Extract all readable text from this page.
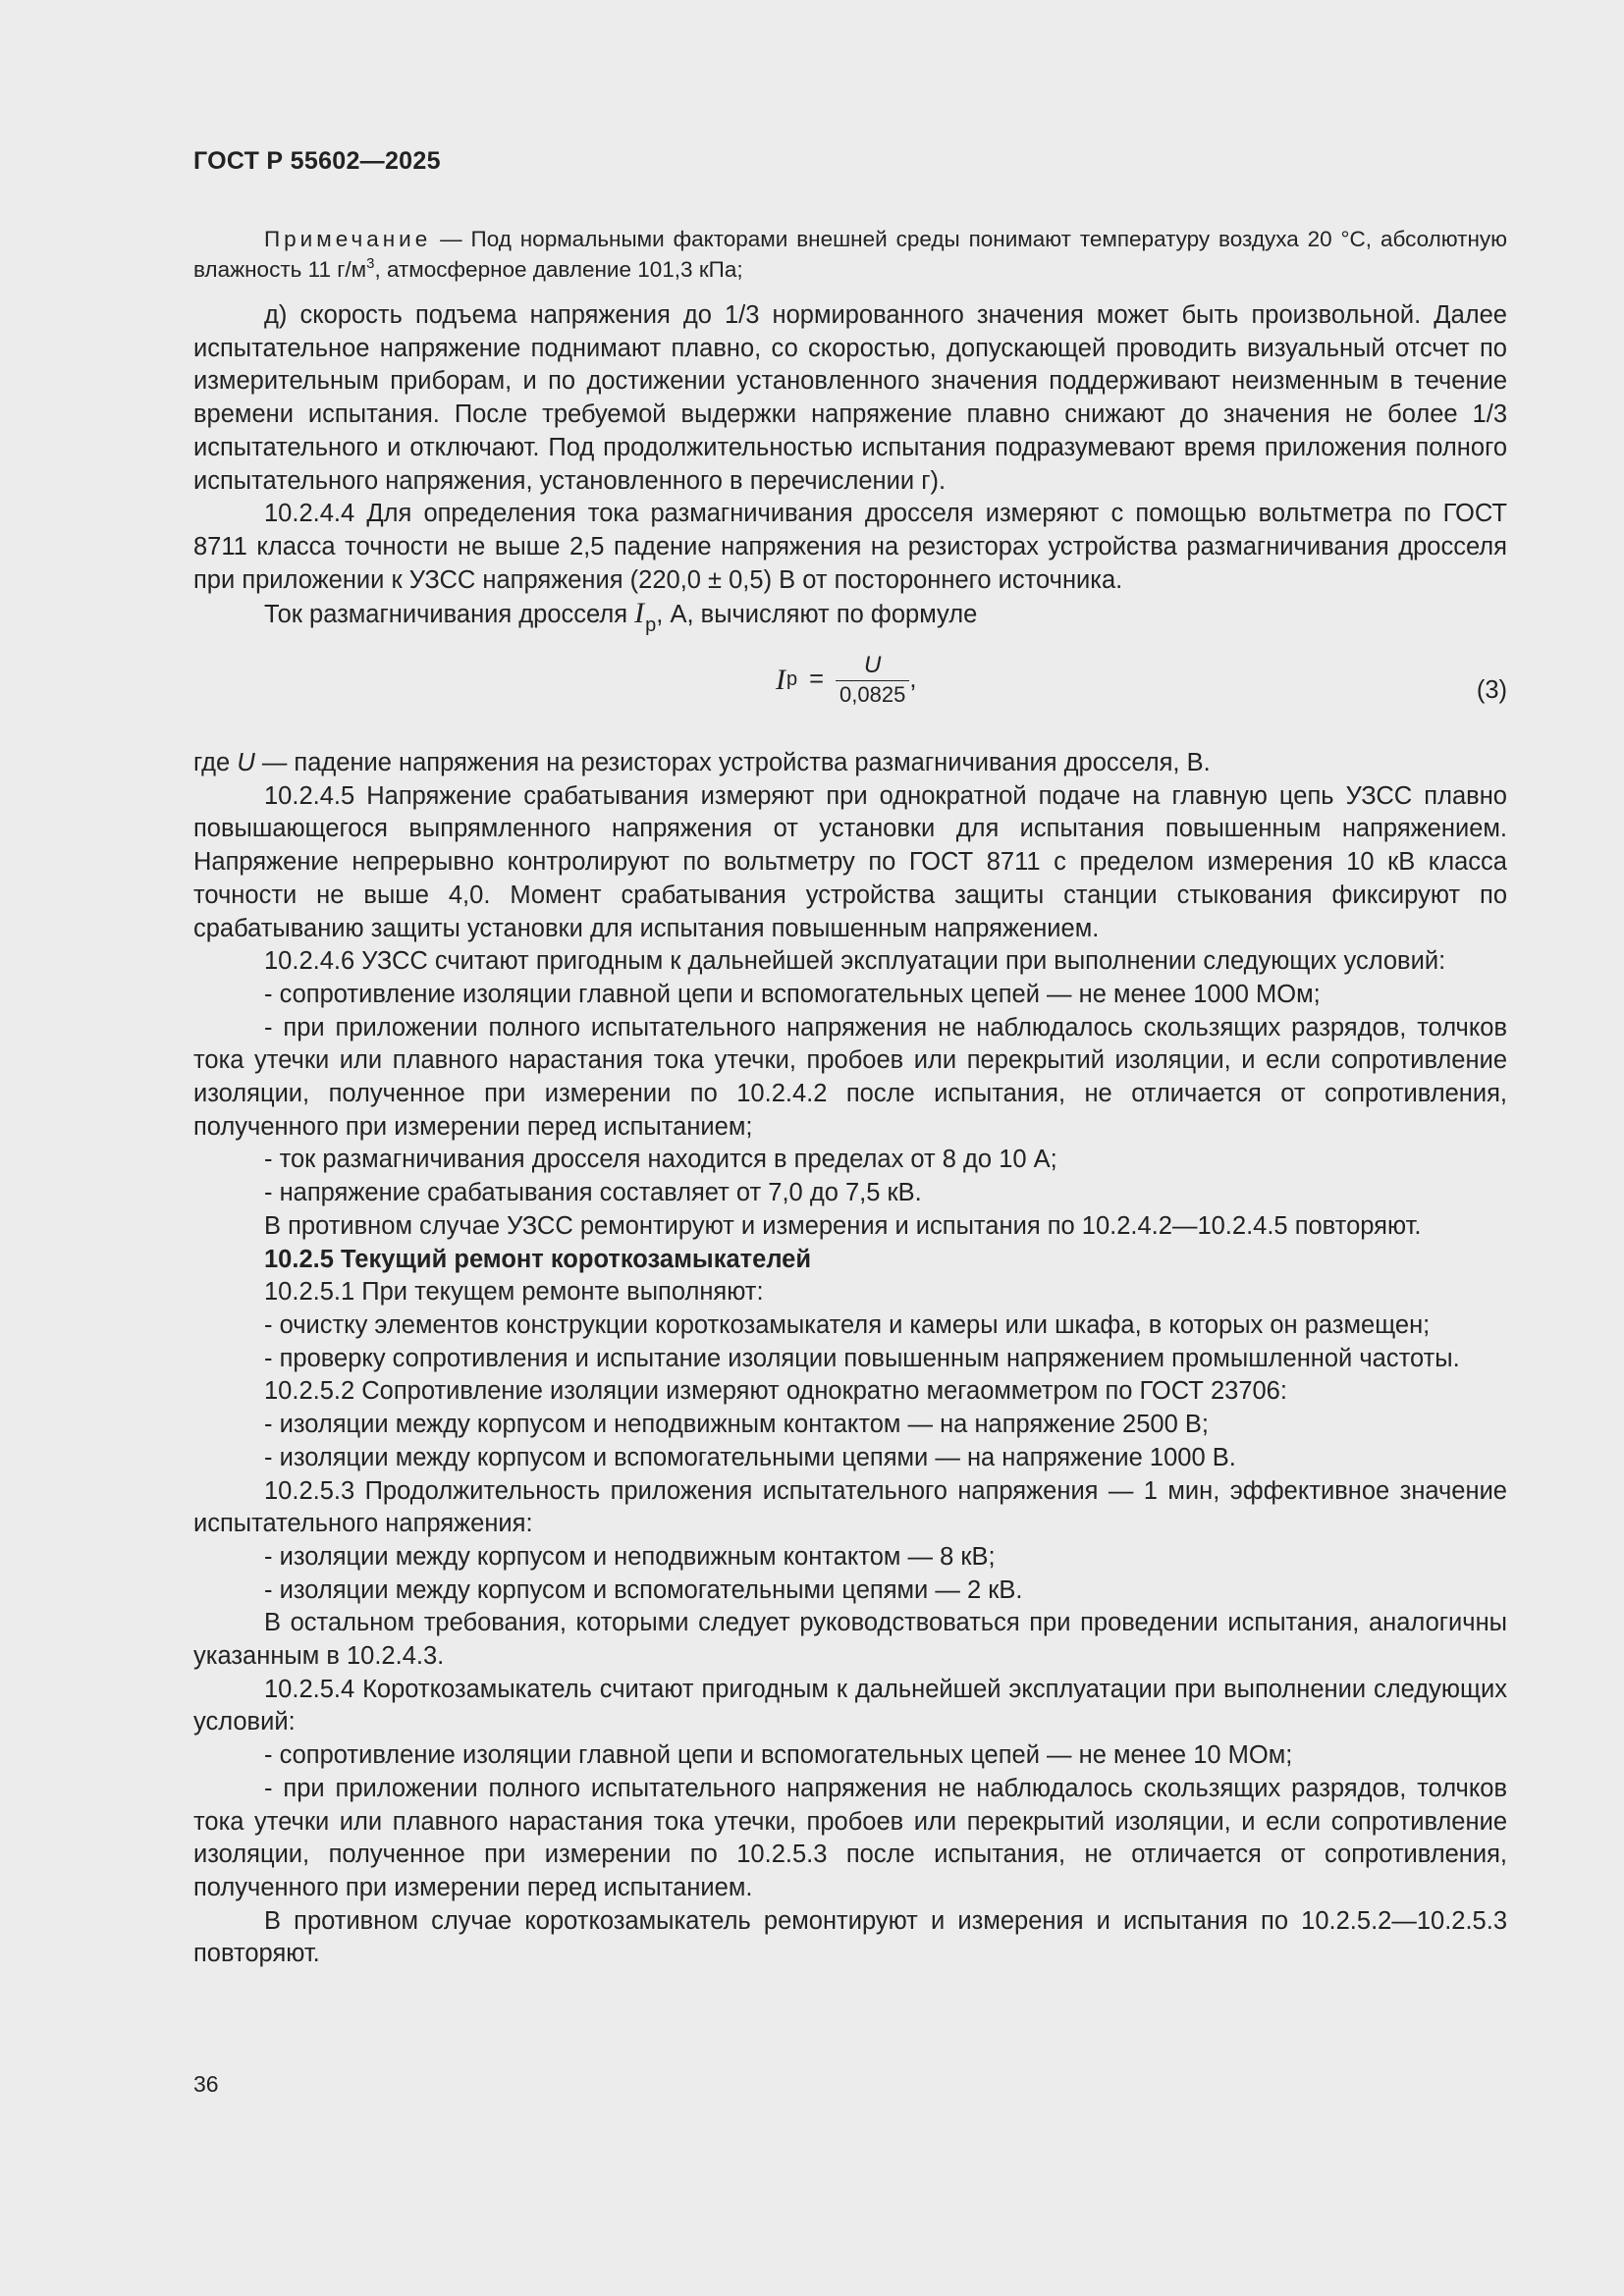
ГОСТ Р 55602—2025

Примечание — Под нормальными факторами внешней среды понимают температуру воздуха 20 °С, абсолютную влажность 11 $г/м^3$, атмосферное давление 101,3 кПа;

д) скорость подъема напряжения до 1/3 нормированного значения может быть произвольной. Далее испытательное напряжение поднимают плавно, со скоростью, допускающей проводить визуальный отсчет по измерительным приборам, и по достижении установленного значения поддерживают неизменным в течение времени испытания. После требуемой выдержки напряжение плавно снижают до значения не более 1/3 испытательного и отключают. Под продолжительностью испытания подразумевают время приложения полного испытательного напряжения, установленного в перечислении г).

10.2.4.4 Для определения тока размагничивания дросселя измеряют с помощью вольтметра по ГОСТ 8711 класса точности не выше 2,5 падение напряжения на резисторах устройства размагничивания дросселя при приложении к УЗСС напряжения (220,0 ± 0,5) В от постороннего источника.

Ток размагничивания дросселя $I_р$, А, вычисляют по формуле

I $р = \frac{U}{0,0825}$ ,	(3)

где U — падение напряжения на резисторах устройства размагничивания дросселя, В.

10.2.4.5 Напряжение срабатывания измеряют при однократной подаче на главную цепь УЗСС плавно повышающегося выпрямленного напряжения от установки для испытания повышенным напряжением. Напряжение непрерывно контролируют по вольтметру по ГОСТ 8711 с пределом измерения 10 кВ класса точности не выше 4,0. Момент срабатывания устройства защиты станции стыкования фиксируют по срабатыванию защиты установки для испытания повышенным напряжением.

10.2.4.6 УЗСС считают пригодным к дальнейшей эксплуатации при выполнении следующих условий:

- сопротивление изоляции главной цепи и вспомогательных цепей — не менее 1000 МОм;

- при приложении полного испытательного напряжения не наблюдалось скользящих разрядов, толчков тока утечки или плавного нарастания тока утечки, пробоев или перекрытий изоляции, и если сопротивление изоляции, полученное при измерении по 10.2.4.2 после испытания, не отличается от сопротивления, полученного при измерении перед испытанием;

- ток размагничивания дросселя находится в пределах от 8 до 10 А;

- напряжение срабатывания составляет от 7,0 до 7,5 кВ.

В противном случае УЗСС ремонтируют и измерения и испытания по 10.2.4.2—10.2.4.5 повторяют.

10.2.5 Текущий ремонт короткозамыкателей

10.2.5.1 При текущем ремонте выполняют:

- очистку элементов конструкции короткозамыкателя и камеры или шкафа, в которых он размещен;

- проверку сопротивления и испытание изоляции повышенным напряжением промышленной частоты.

10.2.5.2 Сопротивление изоляции измеряют однократно мегаомметром по ГОСТ 23706:

- изоляции между корпусом и неподвижным контактом — на напряжение 2500 В;

- изоляции между корпусом и вспомогательными цепями — на напряжение 1000 В.

10.2.5.3 Продолжительность приложения испытательного напряжения — 1 мин, эффективное значение испытательного напряжения:

- изоляции между корпусом и неподвижным контактом — 8 кВ;

- изоляции между корпусом и вспомогательными цепями — 2 кВ.

В остальном требования, которыми следует руководствоваться при проведении испытания, аналогичны указанным в 10.2.4.3.

10.2.5.4 Короткозамыкатель считают пригодным к дальнейшей эксплуатации при выполнении следующих условий:

- сопротивление изоляции главной цепи и вспомогательных цепей — не менее 10 МОм;

- при приложении полного испытательного напряжения не наблюдалось скользящих разрядов, толчков тока утечки или плавного нарастания тока утечки, пробоев или перекрытий изоляции, и если сопротивление изоляции, полученное при измерении по 10.2.5.3 после испытания, не отличается от сопротивления, полученного при измерении перед испытанием.

В противном случае короткозамыкатель ремонтируют и измерения и испытания по 10.2.5.2—10.2.5.3 повторяют.

36
